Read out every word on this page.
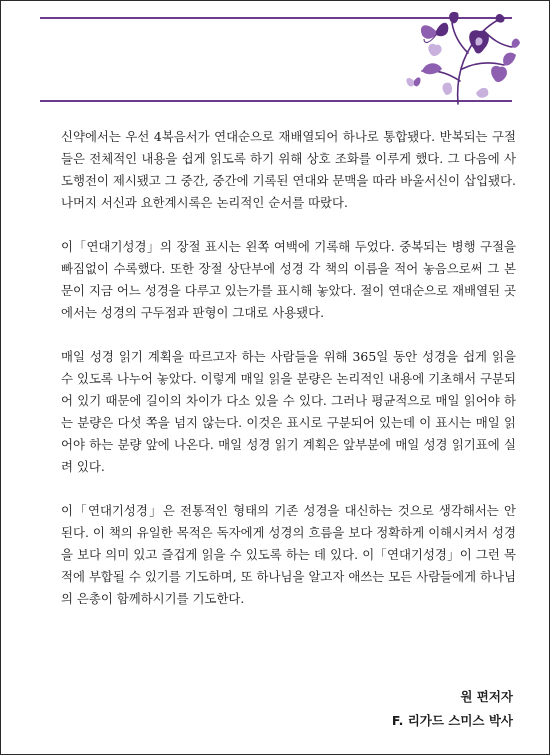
신약에서는 우선 4복음서가 연대순으로 재배열되어 하나로 통합됐다. 반복되는 구절들은 전체적인 내용을 쉽게 읽도록 하기 위해 상호 조화를 이루게 했다. 그 다음에 사도행전이 제시됐고 그 중간, 중간에 기록된 연대와 문맥을 따라 바울서신이 삽입됐다. 나머지 서신과 요한계시록은 논리적인 순서를 따랐다.

이「연대기성경」의 장절 표시는 왼쪽 여백에 기록해 두었다. 중복되는 병행 구절을 빠짐없이 수록했다. 또한 장절 상단부에 성경 각 책의 이름을 적어 놓음으로써 그 본문이 지금 어느 성경을 다루고 있는가를 표시해 놓았다. 절이 연대순으로 재배열된 곳에서는 성경의 구두점과 판형이 그대로 사용됐다.

매일 성경 읽기 계획을 따르고자 하는 사람들을 위해 365일 동안 성경을 쉽게 읽을 수 있도록 나누어 놓았다. 이렇게 매일 읽을 분량은 논리적인 내용에 기초해서 구분되어 있기 때문에 길이의 차이가 다소 있을 수 있다. 그러나 평균적으로 매일 읽어야 하는 분량은 다섯 쪽을 넘지 않는다. 이것은 표시로 구분되어 있는데 이 표시는 매일 읽어야 하는 분량 앞에 나온다. 매일 성경 읽기 계획은 앞부분에 매일 성경 읽기표에 실려 있다.

이「연대기성경」은 전통적인 형태의 기존 성경을 대신하는 것으로 생각해서는 안 된다. 이 책의 유일한 목적은 독자에게 성경의 흐름을 보다 정확하게 이해시켜서 성경을 보다 의미 있고 즐겁게 읽을 수 있도록 하는 데 있다. 이「연대기성경」이 그런 목적에 부합될 수 있기를 기도하며, 또 하나님을 알고자 애쓰는 모든 사람들에게 하나님의 은총이 함께하시기를 기도한다.

원 편저자
F. 리가드 스미스 박사
